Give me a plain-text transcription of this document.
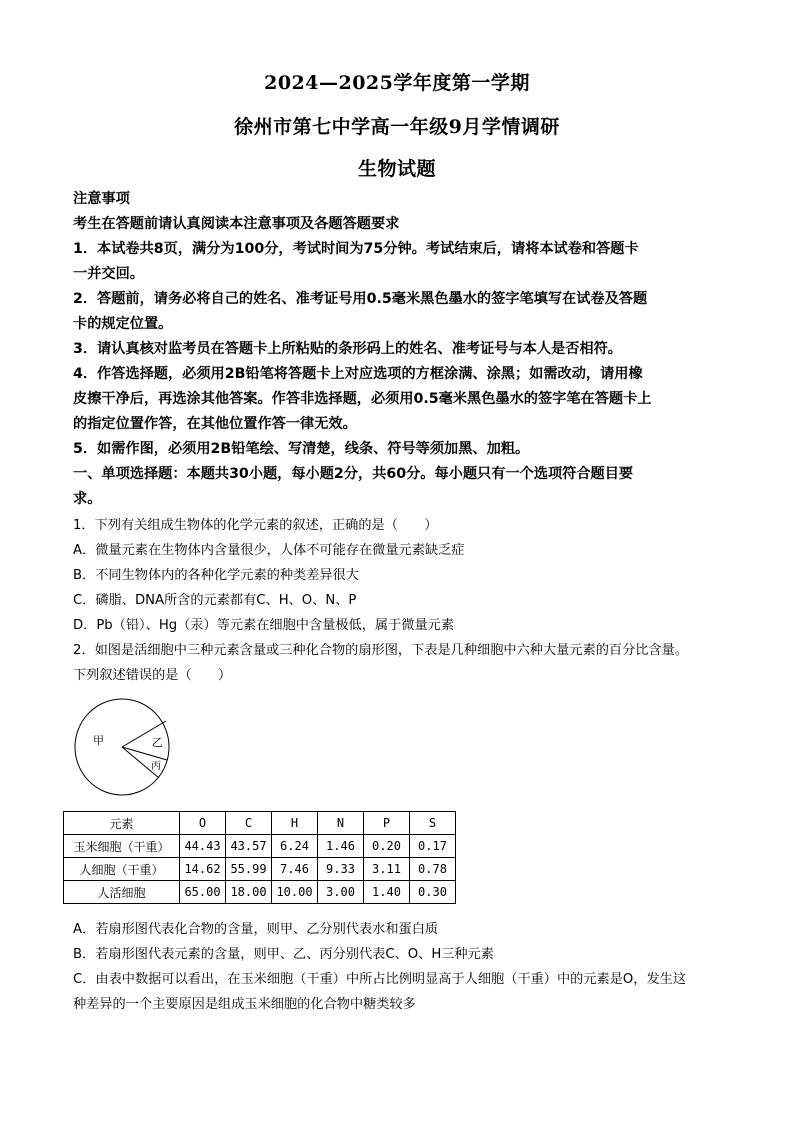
2024—2025学年度第一学期
徐州市第七中学高一年级9月学情调研
生物试题
注意事项
考生在答题前请认真阅读本注意事项及各题答题要求
1．本试卷共8页，满分为100分，考试时间为75分钟。考试结束后，请将本试卷和答题卡
一并交回。
2．答题前，请务必将自己的姓名、准考证号用0.5毫米黑色墨水的签字笔填写在试卷及答题
卡的规定位置。
3．请认真核对监考员在答题卡上所粘贴的条形码上的姓名、准考证号与本人是否相符。
4．作答选择题，必须用2B铅笔将答题卡上对应选项的方框涂满、涂黑；如需改动，请用橡
皮擦干净后，再选涂其他答案。作答非选择题，必须用0.5毫米黑色墨水的签字笔在答题卡上
的指定位置作答，在其他位置作答一律无效。
5．如需作图，必须用2B铅笔绘、写清楚，线条、符号等须加黑、加粗。
一、单项选择题：本题共30小题，每小题2分，共60分。每小题只有一个选项符合题目要
求。
1．下列有关组成生物体的化学元素的叙述，正确的是（　　）
A．微量元素在生物体内含量很少，人体不可能存在微量元素缺乏症
B．不同生物体内的各种化学元素的种类差异很大
C．磷脂、DNA所含的元素都有C、H、O、N、P
D．Pb（铅）、Hg（汞）等元素在细胞中含量极低，属于微量元素
2．如图是活细胞中三种元素含量或三种化合物的扇形图，下表是几种细胞中六种大量元素的百分比含量。
下列叙述错误的是（　　）
甲	乙
丙
元素	O	C	H	N	P	S
玉米细胞（干重）	44.43	43.57	6.24	1.46	0.20	0.17
人细胞（干重）	14.62	55.99	7.46	9.33	3.11	0.78
人活细胞	65.00	18.00	10.00	3.00	1.40	0.30
A．若扇形图代表化合物的含量，则甲、乙分别代表水和蛋白质
B．若扇形图代表元素的含量，则甲、乙、丙分别代表C、O、H三种元素
C．由表中数据可以看出，在玉米细胞（干重）中所占比例明显高于人细胞（干重）中的元素是O，发生这
种差异的一个主要原因是组成玉米细胞的化合物中糖类较多
